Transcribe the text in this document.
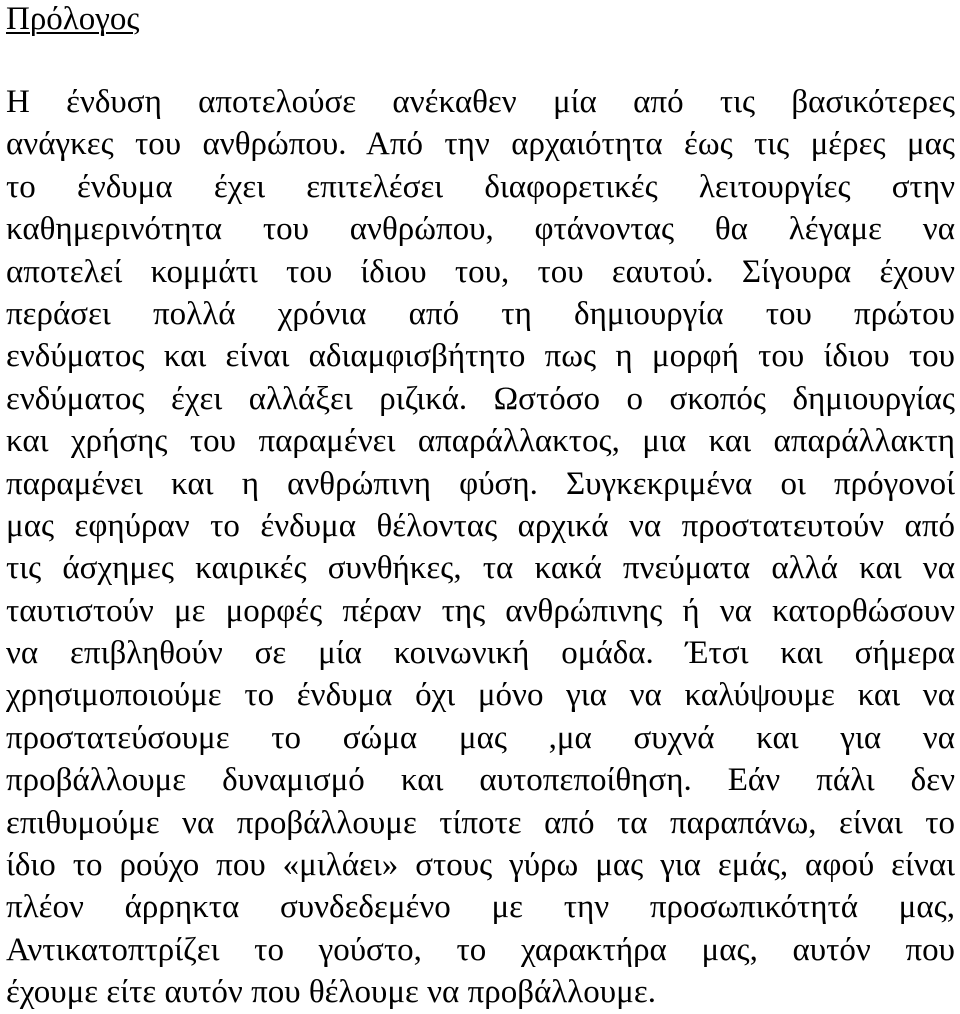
Πρόλογος
Η ένδυση αποτελούσε ανέκαθεν μία από τις βασικότερες
ανάγκες του ανθρώπου. Από την αρχαιότητα έως τις μέρες μας
το ένδυμα έχει επιτελέσει διαφορετικές λειτουργίες στην
καθημερινότητα του ανθρώπου, φτάνοντας θα λέγαμε να
αποτελεί κομμάτι του ίδιου του, του εαυτού. Σίγουρα έχουν
περάσει πολλά χρόνια από τη δημιουργία του πρώτου
ενδύματος και είναι αδιαμφισβήτητο πως η μορφή του ίδιου του
ενδύματος έχει αλλάξει ριζικά. Ωστόσο ο σκοπός δημιουργίας
και χρήσης του παραμένει απαράλλακτος, μια και απαράλλακτη
παραμένει και η ανθρώπινη φύση. Συγκεκριμένα οι πρόγονοί
μας εφηύραν το ένδυμα θέλοντας αρχικά να προστατευτούν από
τις άσχημες καιρικές συνθήκες, τα κακά πνεύματα αλλά και να
ταυτιστούν με μορφές πέραν της ανθρώπινης ή να κατορθώσουν
να επιβληθούν σε μία κοινωνική ομάδα. Έτσι και σήμερα
χρησιμοποιούμε το ένδυμα όχι μόνο για να καλύψουμε και να
προστατεύσουμε το σώμα μας ,μα συχνά και για να
προβάλλουμε δυναμισμό και αυτοπεποίθηση. Εάν πάλι δεν
επιθυμούμε να προβάλλουμε τίποτε από τα παραπάνω, είναι το
ίδιο το ρούχο που «μιλάει» στους γύρω μας για εμάς, αφού είναι
πλέον άρρηκτα συνδεδεμένο με την προσωπικότητά μας,
Αντικατοπτρίζει το γούστο, το χαρακτήρα μας, αυτόν που
έχουμε είτε αυτόν που θέλουμε να προβάλλουμε.
